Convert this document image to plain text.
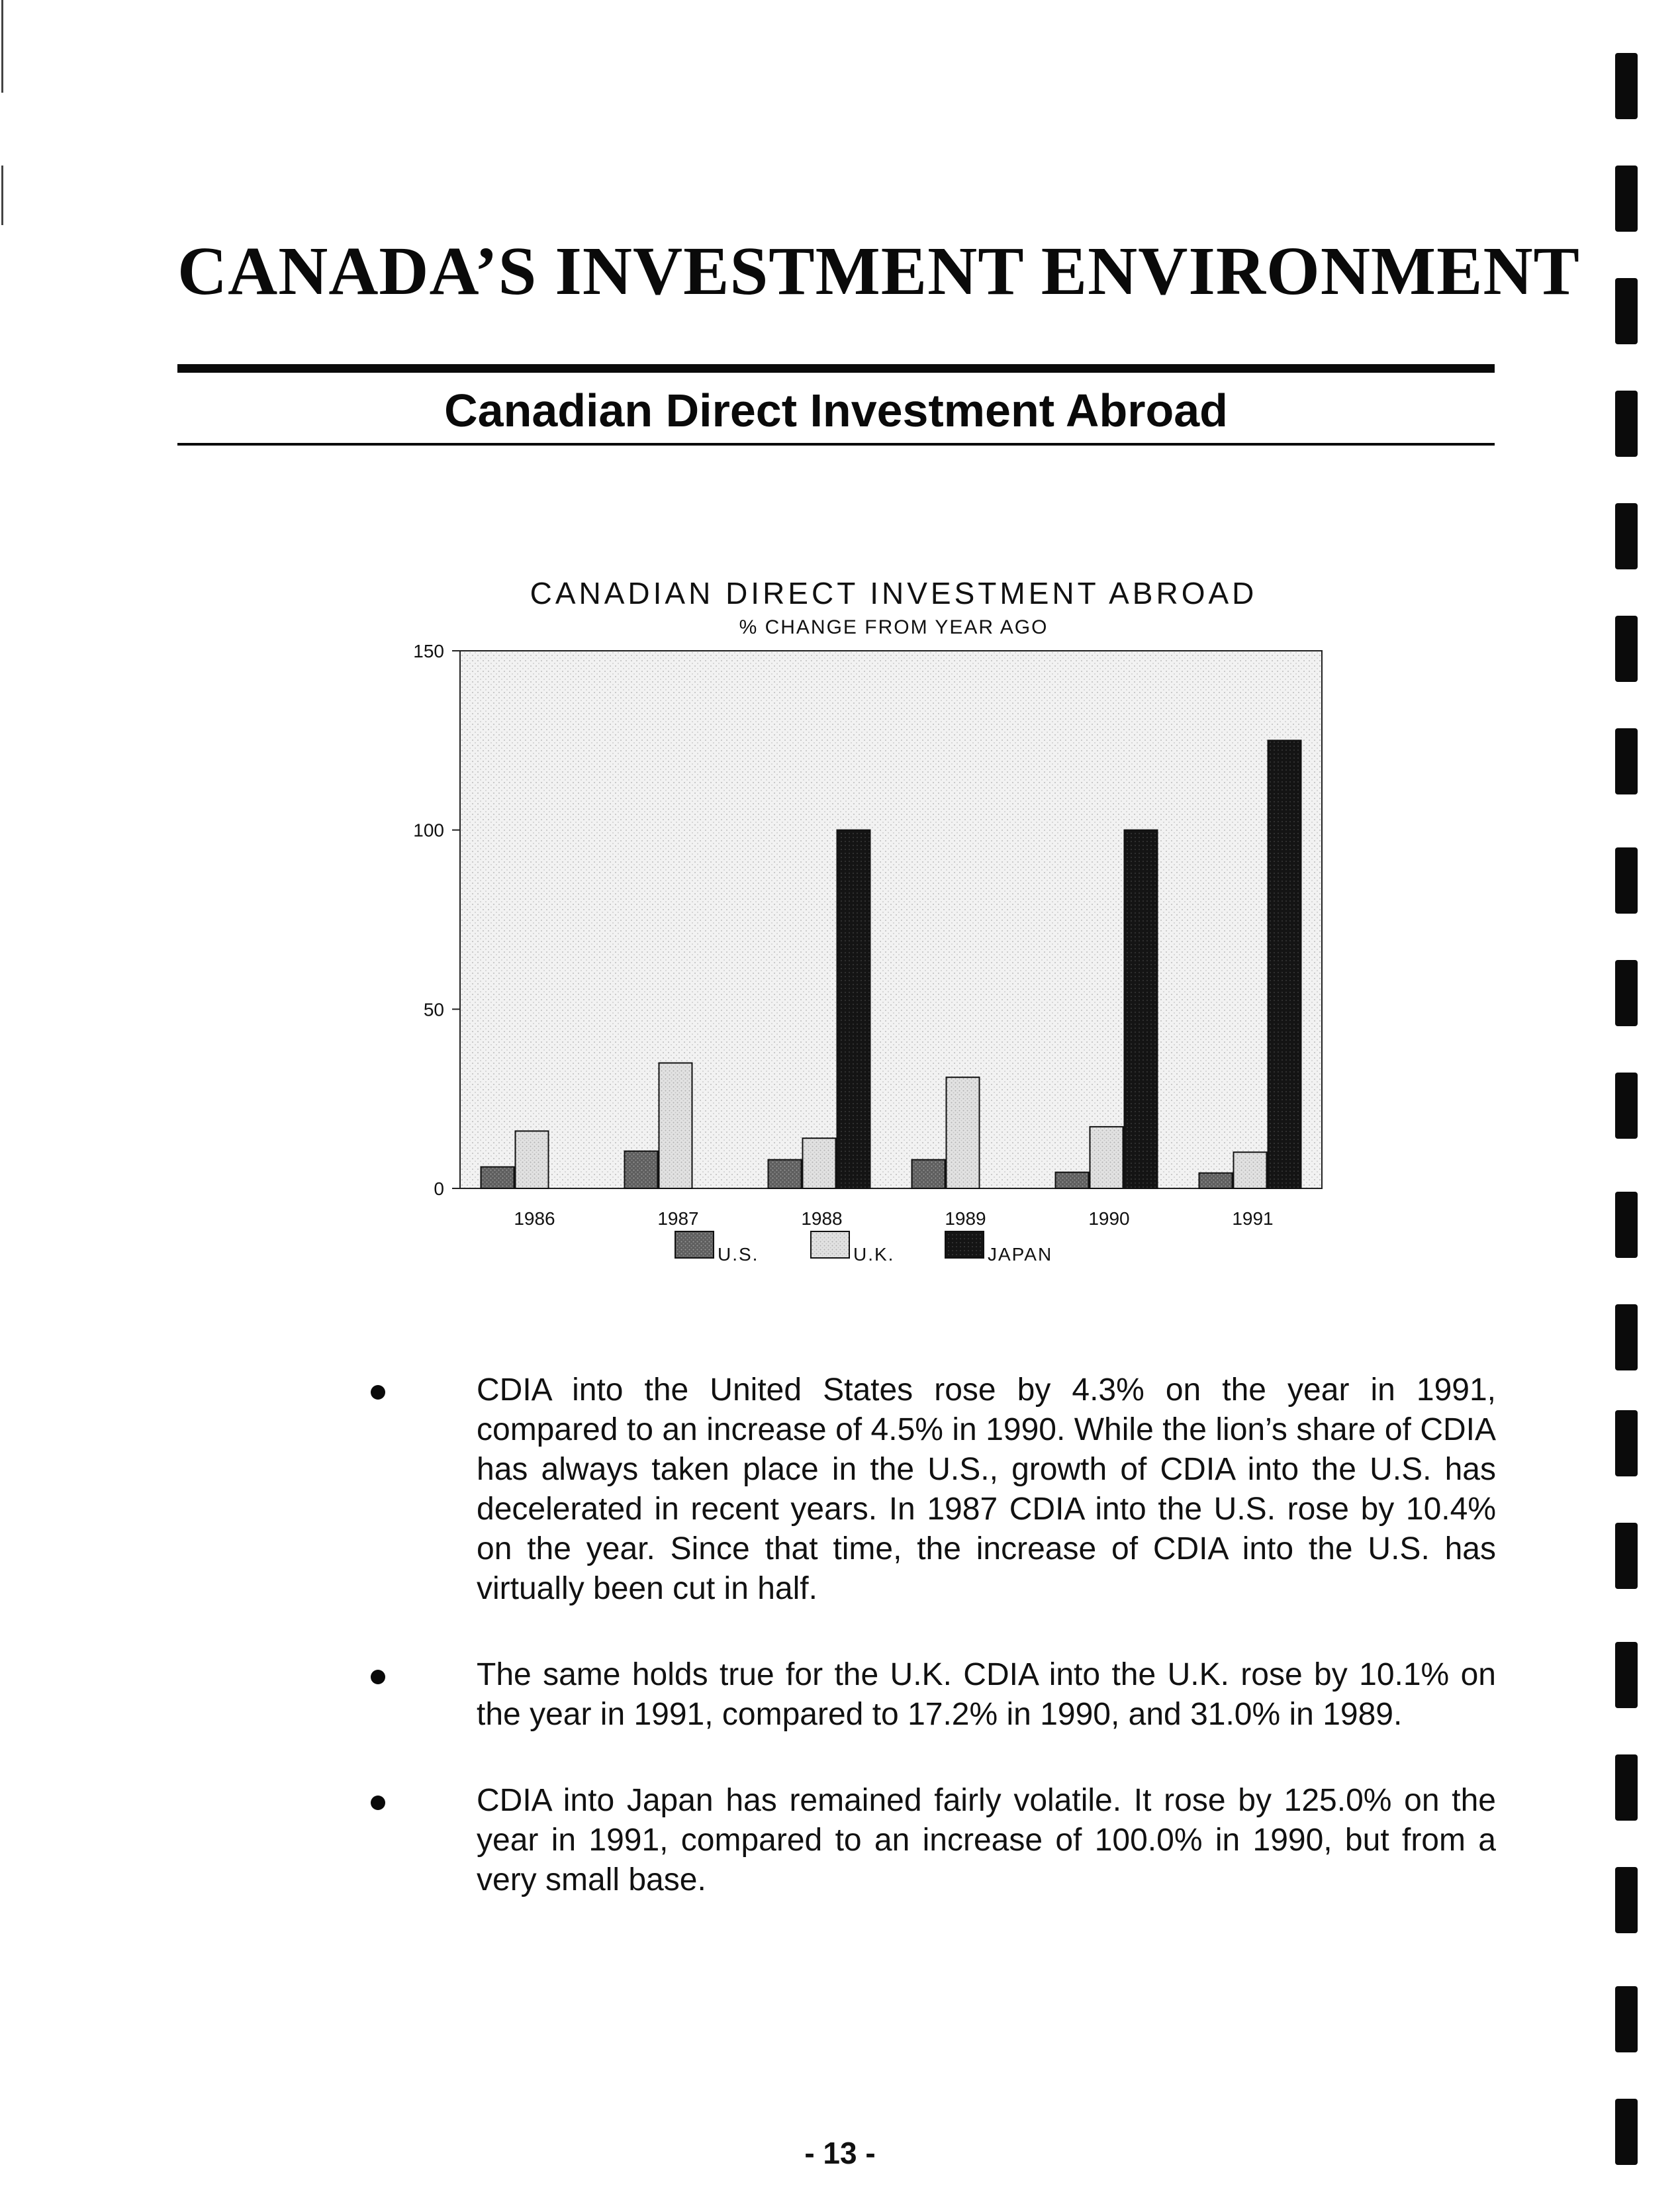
CANADA’S INVESTMENT ENVIRONMENT
Canadian Direct Investment Abroad
CANADIAN DIRECT INVESTMENT ABROAD
% CHANGE FROM YEAR AGO
150
100
50
0
1986	1987	1988	1989	1990	1991
U.S.	U.K.	JAPAN
CDIA into the United States rose by 4.3% on the year in 1991, compared to an increase of 4.5% in 1990. While the lion’s share of CDIA has always taken place in the U.S., growth of CDIA into the U.S. has decelerated in recent years. In 1987 CDIA into the U.S. rose by 10.4% on the year. Since that time, the increase of CDIA into the U.S. has virtually been cut in half.
The same holds true for the U.K. CDIA into the U.K. rose by 10.1% on the year in 1991, compared to 17.2% in 1990, and 31.0% in 1989.
CDIA into Japan has remained fairly volatile. It rose by 125.0% on the year in 1991, compared to an increase of 100.0% in 1990, but from a very small base.
- 13 -
